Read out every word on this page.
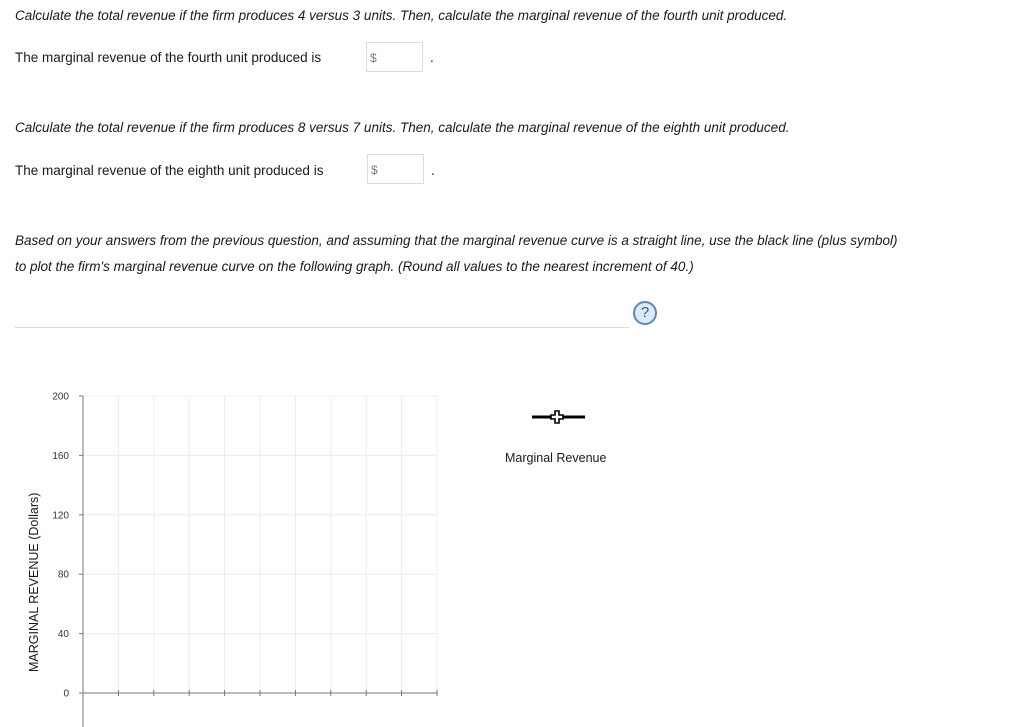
Calculate the total revenue if the firm produces 4 versus 3 units. Then, calculate the marginal revenue of the fourth unit produced.
The marginal revenue of the fourth unit produced is	$	.
Calculate the total revenue if the firm produces 8 versus 7 units. Then, calculate the marginal revenue of the eighth unit produced.
The marginal revenue of the eighth unit produced is	$	.
Based on your answers from the previous question, and assuming that the marginal revenue curve is a straight line, use the black line (plus symbol)
to plot the firm's marginal revenue curve on the following graph. (Round all values to the nearest increment of 40.)
?
0
40
80
120
160
200
MARGINAL REVENUE (Dollars)
Marginal Revenue
